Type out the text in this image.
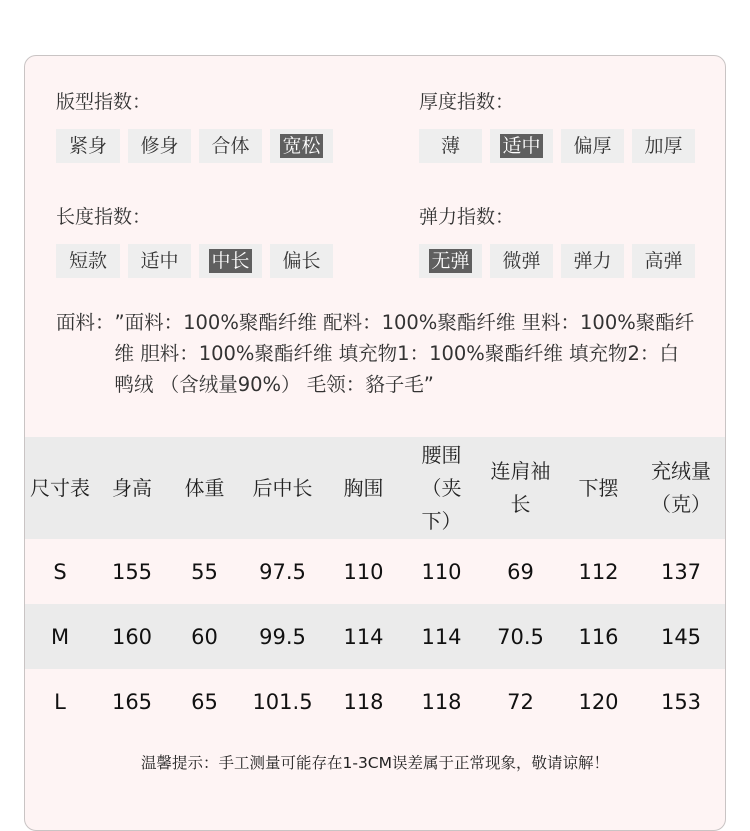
版型指数：
紧身	修身	合体	宽松
厚度指数：
薄	适中	偏厚	加厚
长度指数：
短款	适中	中长	偏长
弹力指数：
无弹	微弹	弹力	高弹
面料： ”面料：100%聚酯纤维 配料：100%聚酯纤维 里料：100%聚酯纤维 胆料：100%聚酯纤维 填充物1：100%聚酯纤维 填充物2：白鸭绒 （含绒量90%） 毛领：貉子毛”
尺寸表	身高	体重	后中长	胸围	腰围（夹下）	连肩袖长	下摆	充绒量（克）
S	155	55	97.5	110	110	69	112	137
M	160	60	99.5	114	114	70.5	116	145
L	165	65	101.5	118	118	72	120	153
温馨提示：手工测量可能存在1-3CM误差属于正常现象，敬请谅解！
